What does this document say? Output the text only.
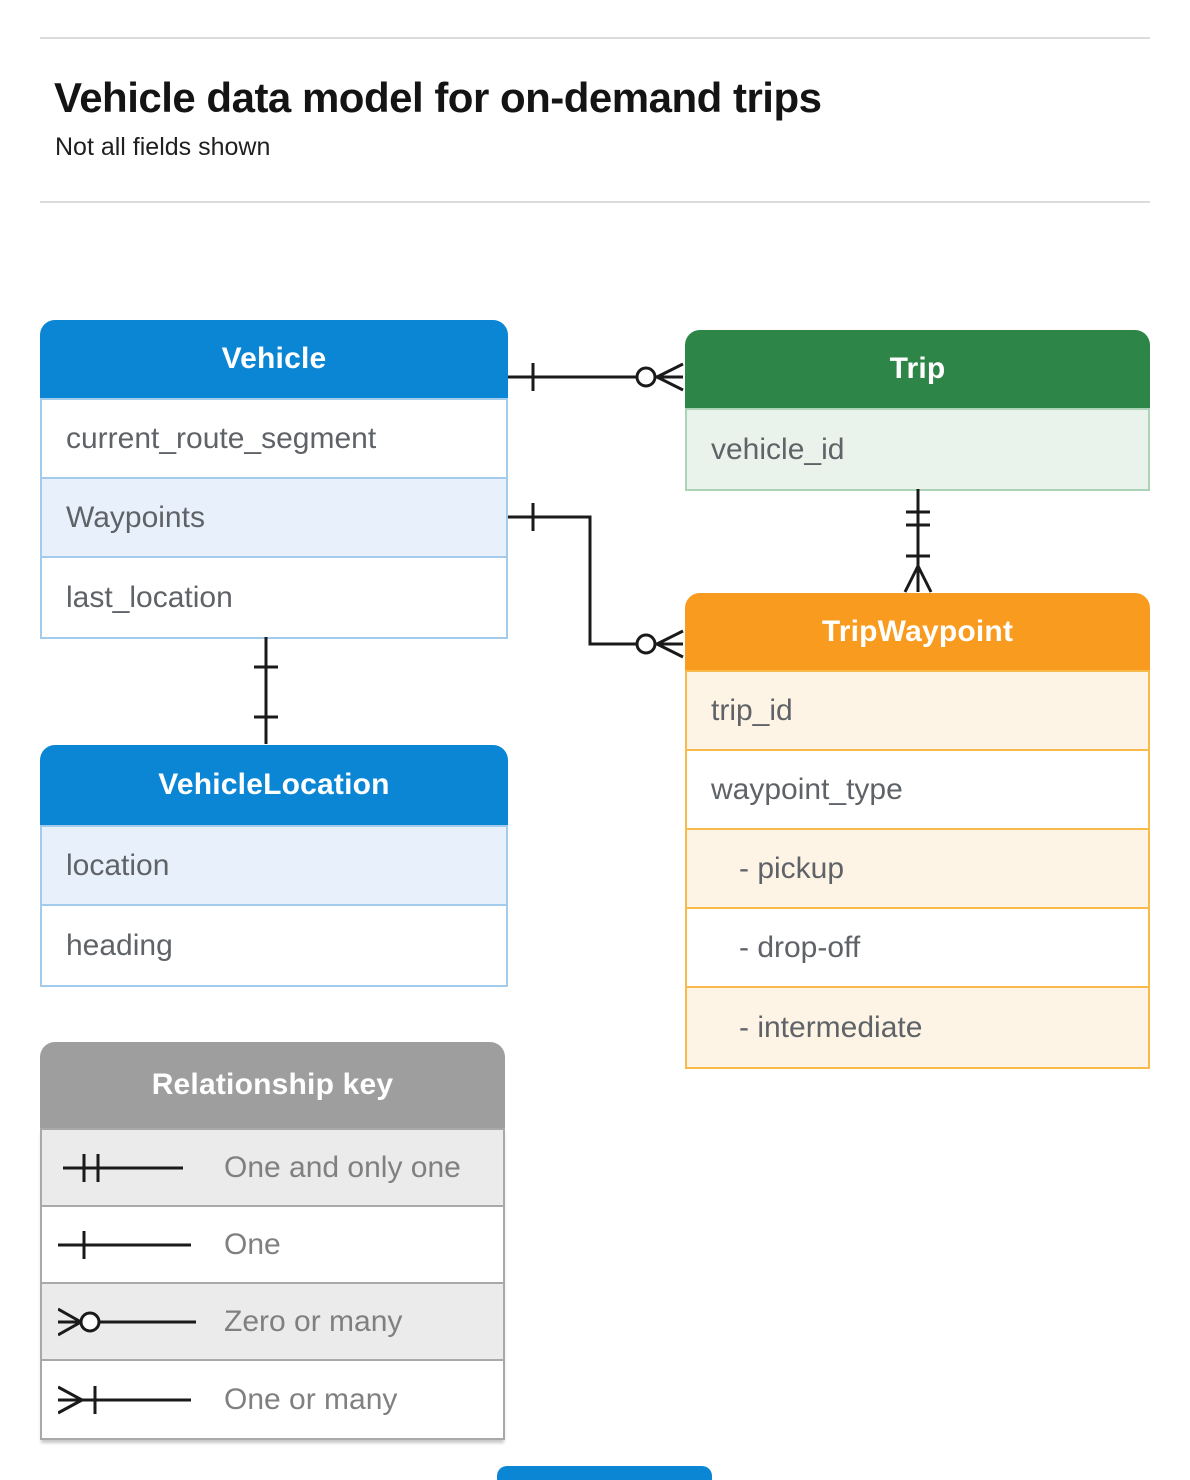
Vehicle data model for on-demand trips
Not all fields shown
Vehicle
current_route_segment
Waypoints
last_location
Trip
vehicle_id
TripWaypoint
trip_id
waypoint_type
- pickup
- drop-off
- intermediate
VehicleLocation
location
heading
Relationship key

One and only one

One

Zero or many

One or many
